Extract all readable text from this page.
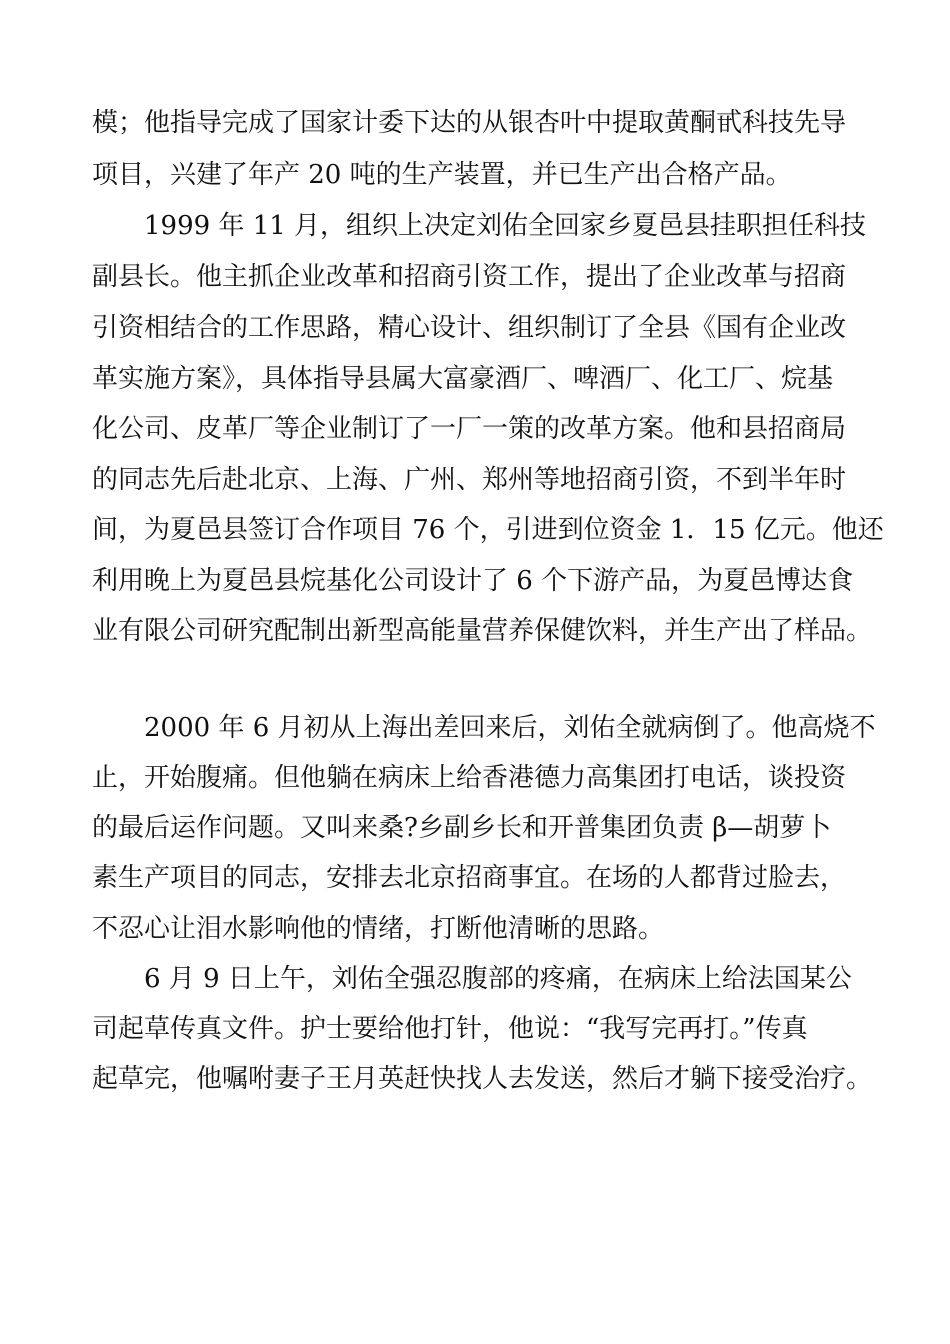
模；他指导完成了国家计委下达的从银杏叶中提取黄酮甙科技先导

项目，兴建了年产 20 吨的生产装置，并已生产出合格产品。

1999 年 11 月，组织上决定刘佑全回家乡夏邑县挂职担任科技

副县长。他主抓企业改革和招商引资工作，提出了企业改革与招商

引资相结合的工作思路，精心设计、组织制订了全县《国有企业改

革实施方案》，具体指导县属大富豪酒厂、啤酒厂、化工厂、烷基

化公司、皮革厂等企业制订了一厂一策的改革方案。他和县招商局

的同志先后赴北京、上海、广州、郑州等地招商引资，不到半年时

间，为夏邑县签订合作项目 76 个，引进到位资金 1．15 亿元。他还

利用晚上为夏邑县烷基化公司设计了 6 个下游产品，为夏邑博达食

业有限公司研究配制出新型高能量营养保健饮料，并生产出了样品。

2000 年 6 月初从上海出差回来后，刘佑全就病倒了。他高烧不

止，开始腹痛。但他躺在病床上给香港德力高集团打电话，谈投资

的最后运作问题。又叫来桑?乡副乡长和开普集团负责 β—胡萝卜

素生产项目的同志，安排去北京招商事宜。在场的人都背过脸去，

不忍心让泪水影响他的情绪，打断他清晰的思路。

6 月 9 日上午，刘佑全强忍腹部的疼痛，在病床上给法国某公

司起草传真文件。护士要给他打针，他说：“我写完再打。”传真

起草完，他嘱咐妻子王月英赶快找人去发送，然后才躺下接受治疗。
